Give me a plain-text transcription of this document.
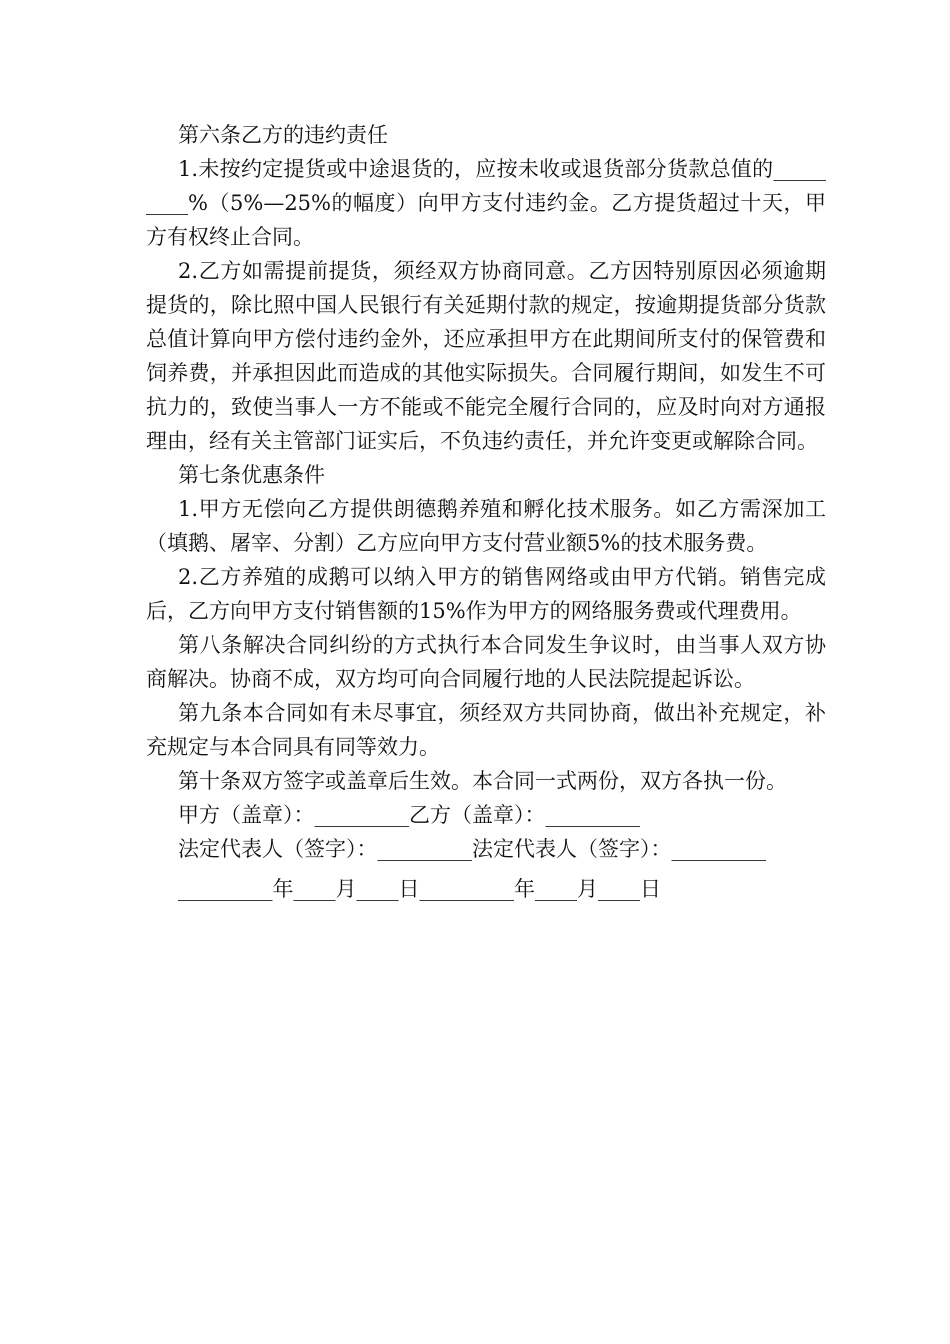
第六条乙方的违约责任

1.未按约定提货或中途退货的，应按未收或退货部分货款总值的_________%（5%—25%的幅度）向甲方支付违约金。乙方提货超过十天，甲方有权终止合同。

2.乙方如需提前提货，须经双方协商同意。乙方因特别原因必须逾期提货的，除比照中国人民银行有关延期付款的规定，按逾期提货部分货款总值计算向甲方偿付违约金外，还应承担甲方在此期间所支付的保管费和饲养费，并承担因此而造成的其他实际损失。合同履行期间，如发生不可抗力的，致使当事人一方不能或不能完全履行合同的，应及时向对方通报理由，经有关主管部门证实后，不负违约责任，并允许变更或解除合同。

第七条优惠条件

1.甲方无偿向乙方提供朗德鹅养殖和孵化技术服务。如乙方需深加工（填鹅、屠宰、分割）乙方应向甲方支付营业额5%的技术服务费。

2.乙方养殖的成鹅可以纳入甲方的销售网络或由甲方代销。销售完成后，乙方向甲方支付销售额的15%作为甲方的网络服务费或代理费用。

第八条解决合同纠纷的方式执行本合同发生争议时，由当事人双方协商解决。协商不成，双方均可向合同履行地的人民法院提起诉讼。

第九条本合同如有未尽事宜，须经双方共同协商，做出补充规定，补充规定与本合同具有同等效力。

第十条双方签字或盖章后生效。本合同一式两份，双方各执一份。

甲方（盖章）：_________乙方（盖章）：_________

法定代表人（签字）：_________法定代表人（签字）：_________

_________年____月____日_________年____月____日
